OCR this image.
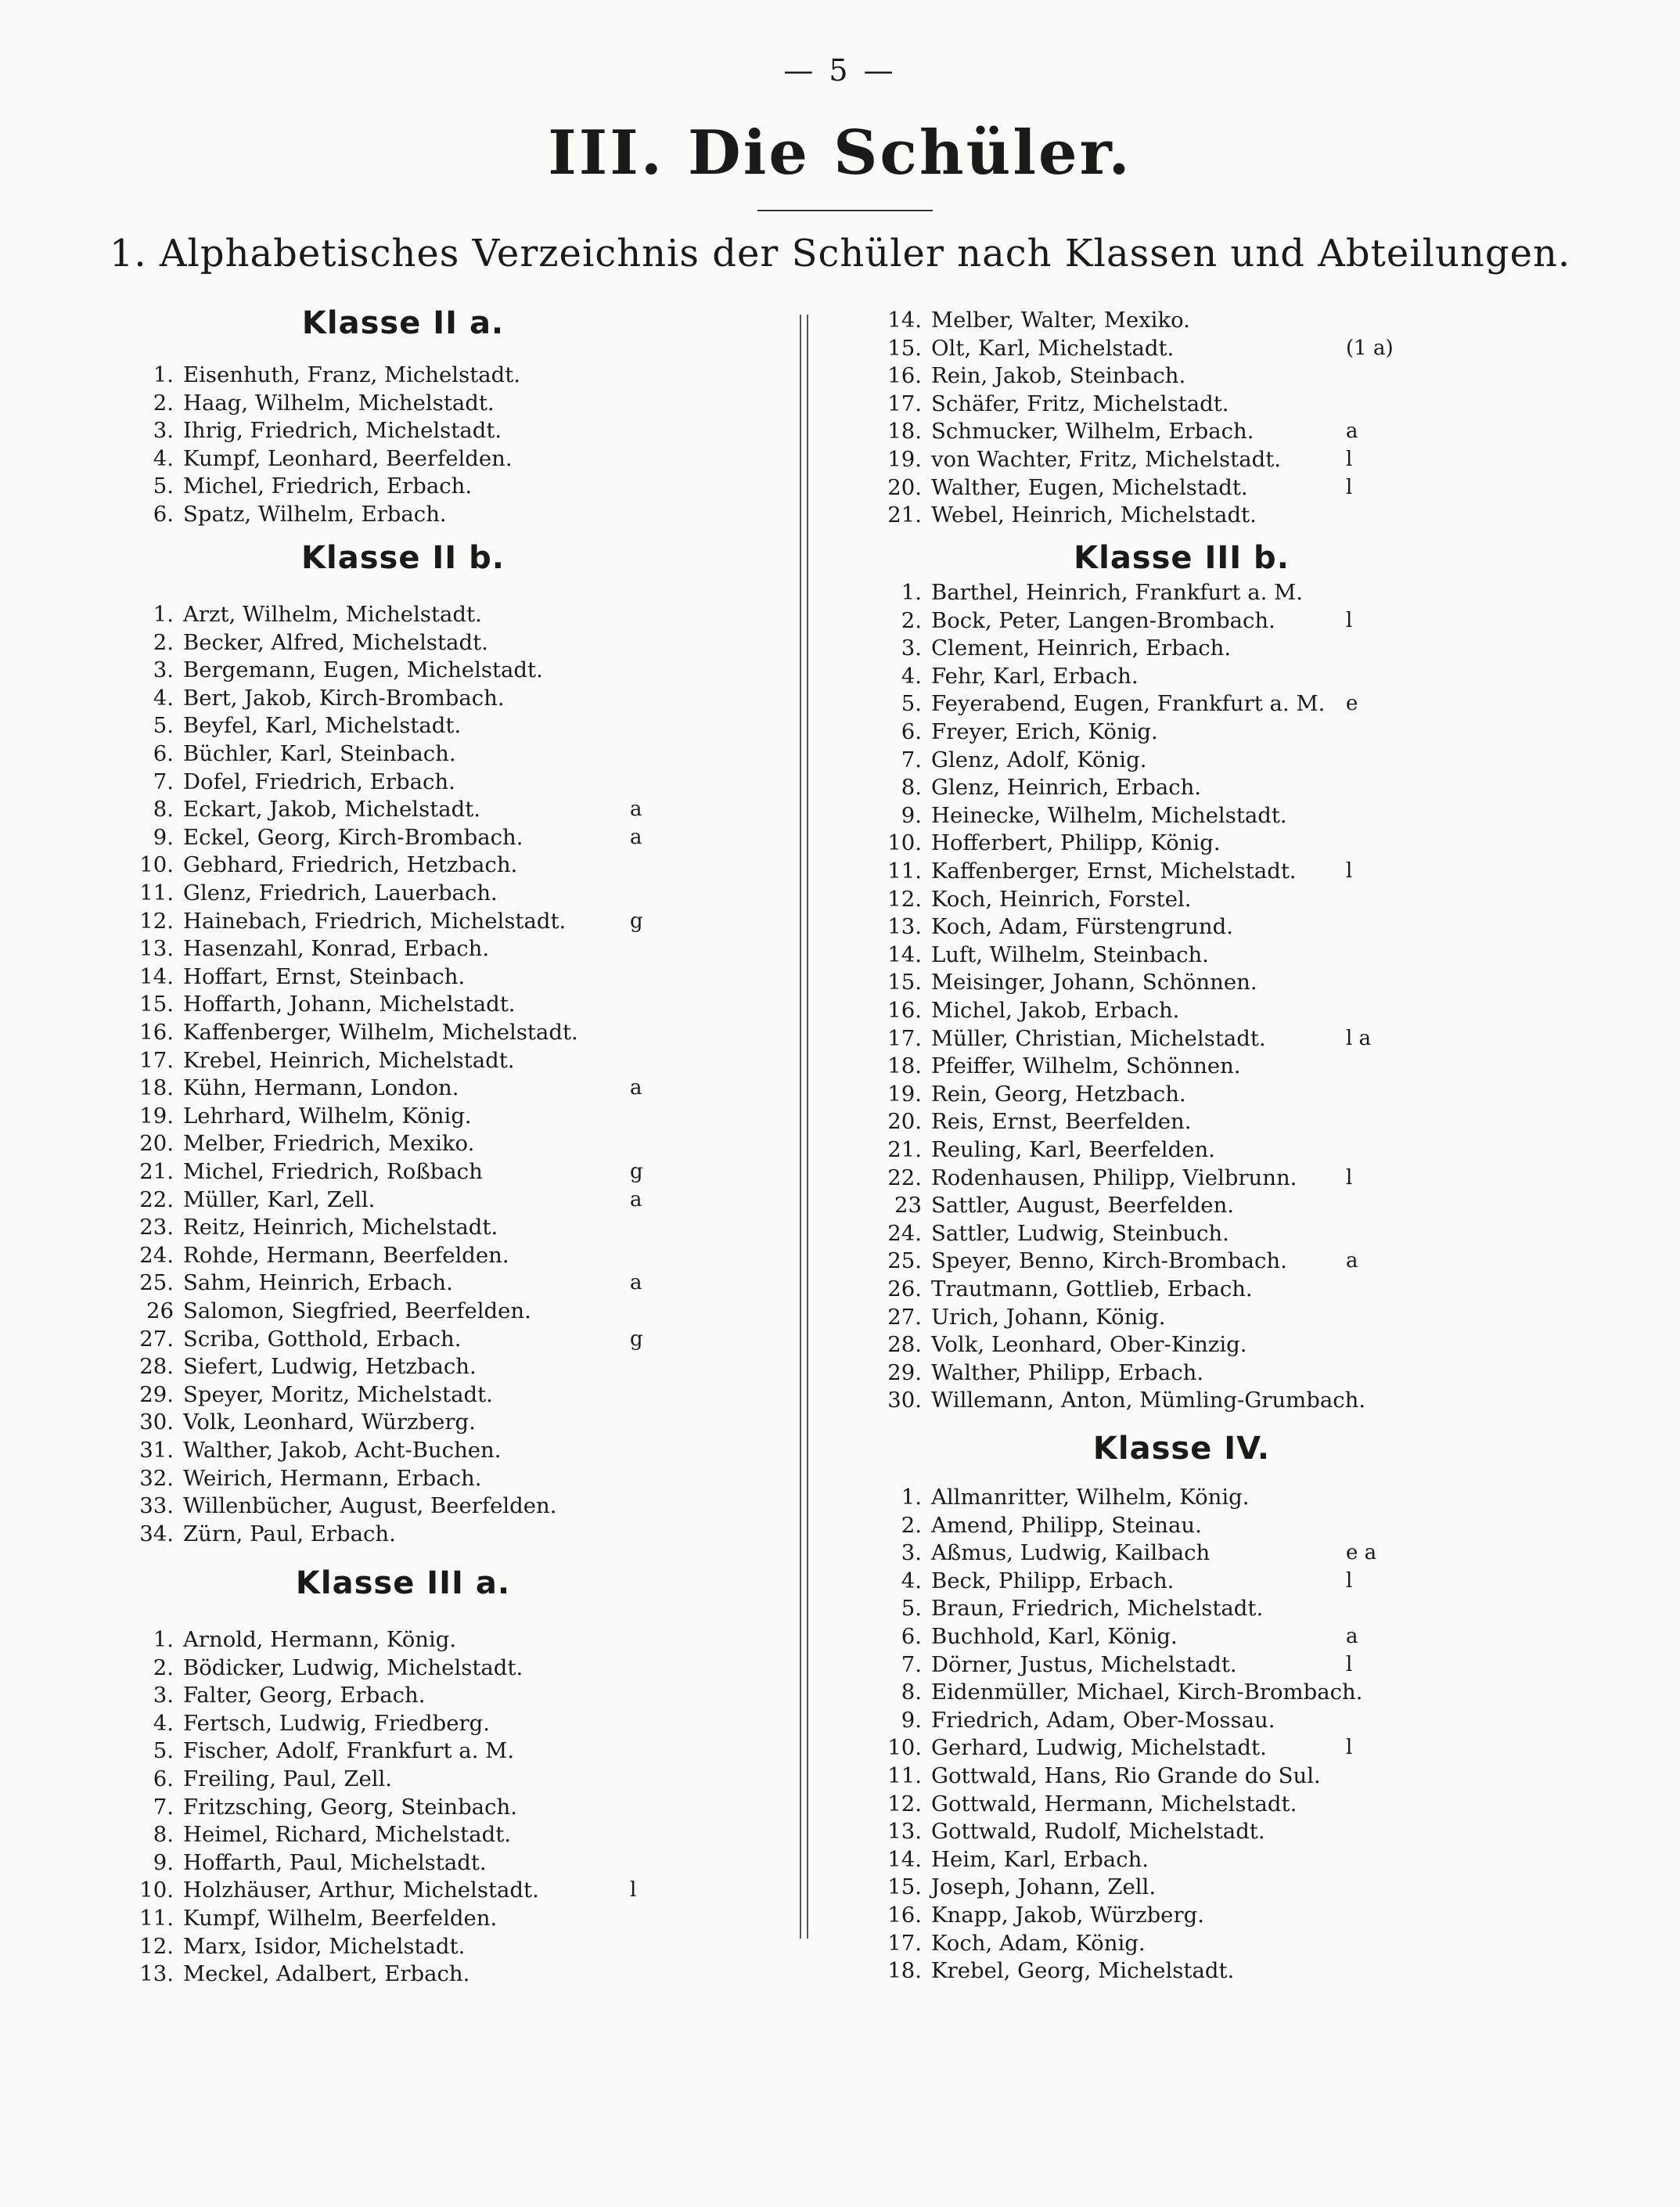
— 5 —
III. Die Schüler.
1. Alphabetisches Verzeichnis der Schüler nach Klassen und Abteilungen.
Klasse II a.
1. Eisenhuth, Franz, Michelstadt.
2. Haag, Wilhelm, Michelstadt.
3. Ihrig, Friedrich, Michelstadt.
4. Kumpf, Leonhard, Beerfelden.
5. Michel, Friedrich, Erbach.
6. Spatz, Wilhelm, Erbach.
Klasse II b.
1. Arzt, Wilhelm, Michelstadt.
2. Becker, Alfred, Michelstadt.
3. Bergemann, Eugen, Michelstadt.
4. Bert, Jakob, Kirch-Brombach.
5. Beyfel, Karl, Michelstadt.
6. Büchler, Karl, Steinbach.
7. Dofel, Friedrich, Erbach.
8. Eckart, Jakob, Michelstadt.	a
9. Eckel, Georg, Kirch-Brombach.	a
10. Gebhard, Friedrich, Hetzbach.
11. Glenz, Friedrich, Lauerbach.
12. Hainebach, Friedrich, Michelstadt.	g
13. Hasenzahl, Konrad, Erbach.
14. Hoffart, Ernst, Steinbach.
15. Hoffarth, Johann, Michelstadt.
16. Kaffenberger, Wilhelm, Michelstadt.
17. Krebel, Heinrich, Michelstadt.
18. Kühn, Hermann, London.	a
19. Lehrhard, Wilhelm, König.
20. Melber, Friedrich, Mexiko.
21. Michel, Friedrich, Roßbach	g
22. Müller, Karl, Zell.	a
23. Reitz, Heinrich, Michelstadt.
24. Rohde, Hermann, Beerfelden.
25. Sahm, Heinrich, Erbach.	a
26 Salomon, Siegfried, Beerfelden.
27. Scriba, Gotthold, Erbach.	g
28. Siefert, Ludwig, Hetzbach.
29. Speyer, Moritz, Michelstadt.
30. Volk, Leonhard, Würzberg.
31. Walther, Jakob, Acht-Buchen.
32. Weirich, Hermann, Erbach.
33. Willenbücher, August, Beerfelden.
34. Zürn, Paul, Erbach.
Klasse III a.
1. Arnold, Hermann, König.
2. Bödicker, Ludwig, Michelstadt.
3. Falter, Georg, Erbach.
4. Fertsch, Ludwig, Friedberg.
5. Fischer, Adolf, Frankfurt a. M.
6. Freiling, Paul, Zell.
7. Fritzsching, Georg, Steinbach.
8. Heimel, Richard, Michelstadt.
9. Hoffarth, Paul, Michelstadt.
10. Holzhäuser, Arthur, Michelstadt.	l
11. Kumpf, Wilhelm, Beerfelden.
12. Marx, Isidor, Michelstadt.
13. Meckel, Adalbert, Erbach.
14. Melber, Walter, Mexiko.
15. Olt, Karl, Michelstadt.	(1 a)
16. Rein, Jakob, Steinbach.
17. Schäfer, Fritz, Michelstadt.
18. Schmucker, Wilhelm, Erbach.	a
19. von Wachter, Fritz, Michelstadt.	l
20. Walther, Eugen, Michelstadt.	l
21. Webel, Heinrich, Michelstadt.
Klasse III b.
1. Barthel, Heinrich, Frankfurt a. M.
2. Bock, Peter, Langen-Brombach.	l
3. Clement, Heinrich, Erbach.
4. Fehr, Karl, Erbach.
5. Feyerabend, Eugen, Frankfurt a. M. e
6. Freyer, Erich, König.
7. Glenz, Adolf, König.
8. Glenz, Heinrich, Erbach.
9. Heinecke, Wilhelm, Michelstadt.
10. Hofferbert, Philipp, König.
11. Kaffenberger, Ernst, Michelstadt. l
12. Koch, Heinrich, Forstel.
13. Koch, Adam, Fürstengrund.
14. Luft, Wilhelm, Steinbach.
15. Meisinger, Johann, Schönnen.
16. Michel, Jakob, Erbach.
17. Müller, Christian, Michelstadt.	l a
18. Pfeiffer, Wilhelm, Schönnen.
19. Rein, Georg, Hetzbach.
20. Reis, Ernst, Beerfelden.
21. Reuling, Karl, Beerfelden.
22. Rodenhausen, Philipp, Vielbrunn. l
23 Sattler, August, Beerfelden.
24. Sattler, Ludwig, Steinbuch.
25. Speyer, Benno, Kirch-Brombach.	a
26. Trautmann, Gottlieb, Erbach.
27. Urich, Johann, König.
28. Volk, Leonhard, Ober-Kinzig.
29. Walther, Philipp, Erbach.
30. Willemann, Anton, Mümling-Grumbach.
Klasse IV.
1. Allmanritter, Wilhelm, König.
2. Amend, Philipp, Steinau.
3. Aßmus, Ludwig, Kailbach	e a
4. Beck, Philipp, Erbach.	l
5. Braun, Friedrich, Michelstadt.
6. Buchhold, Karl, König.	a
7. Dörner, Justus, Michelstadt.	l
8. Eidenmüller, Michael, Kirch-Brombach.
9. Friedrich, Adam, Ober-Mossau.
10. Gerhard, Ludwig, Michelstadt.	l
11. Gottwald, Hans, Rio Grande do Sul.
12. Gottwald, Hermann, Michelstadt.
13. Gottwald, Rudolf, Michelstadt.
14. Heim, Karl, Erbach.
15. Joseph, Johann, Zell.
16. Knapp, Jakob, Würzberg.
17. Koch, Adam, König.
18. Krebel, Georg, Michelstadt.
